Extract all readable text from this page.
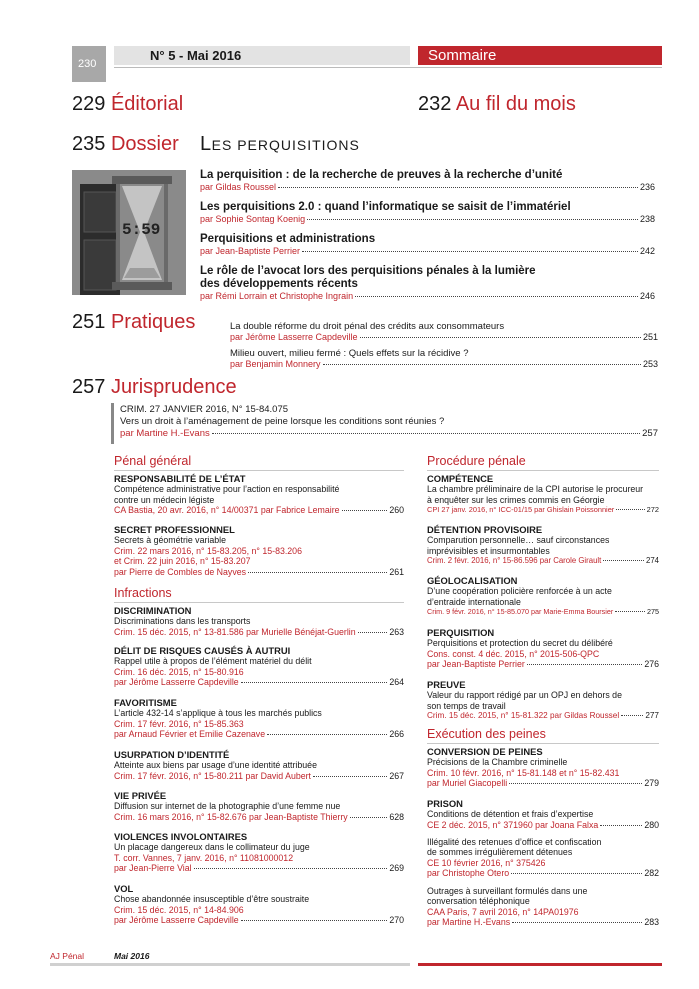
230
N° 5 - Mai 2016	Sommaire
229 Éditorial	232 Au fil du mois
235 Dossier LES PERQUISITIONS
5:59
La perquisition : de la recherche de preuves à la recherche d’unité
par Gildas Roussel	236
Les perquisitions 2.0 : quand l’informatique se saisit de l’immatériel
par Sophie Sontag Koenig	238
Perquisitions et administrations
par Jean-Baptiste Perrier	242
Le rôle de l’avocat lors des perquisitions pénales à la lumière
des développements récents
par Rémi Lorrain et Christophe Ingrain	246
251 Pratiques	La double réforme du droit pénal des crédits aux consommateurs
par Jérôme Lasserre Capdeville	251
Milieu ouvert, milieu fermé : Quels effets sur la récidive ?
par Benjamin Monnery	253
257 Jurisprudence
CRIM. 27 JANVIER 2016, N° 15-84.075
Vers un droit à l’aménagement de peine lorsque les conditions sont réunies ?
par Martine H.-Evans	257
Pénal général
RESPONSABILITÉ DE L’ÉTAT
Compétence administrative pour l’action en responsabilité
contre un médecin légiste
CA Bastia, 20 avr. 2016, n° 14/00371 par Fabrice Lemaire	260
SECRET PROFESSIONNEL
Secrets à géométrie variable
Crim. 22 mars 2016, n° 15-83.205, n° 15-83.206
et Crim. 22 juin 2016, n° 15-83.207
par Pierre de Combles de Nayves	261
Infractions
DISCRIMINATION
Discriminations dans les transports
Crim. 15 déc. 2015, n° 13-81.586 par Murielle Bénéjat-Guerlin	263
DÉLIT DE RISQUES CAUSÉS À AUTRUI
Rappel utile à propos de l’élément matériel du délit
Crim. 16 déc. 2015, n° 15-80.916
par Jérôme Lasserre Capdeville	264
FAVORITISME
L’article 432-14 s’applique à tous les marchés publics
Crim. 17 févr. 2016, n° 15-85.363
par Arnaud Février et Emilie Cazenave	266
USURPATION D’IDENTITÉ
Atteinte aux biens par usage d’une identité attribuée
Crim. 17 févr. 2016, n° 15-80.211 par David Aubert	267
VIE PRIVÉE
Diffusion sur internet de la photographie d’une femme nue
Crim. 16 mars 2016, n° 15-82.676 par Jean-Baptiste Thierry	628
VIOLENCES INVOLONTAIRES
Un placage dangereux dans le collimateur du juge
T. corr. Vannes, 7 janv. 2016, n° 11081000012
par Jean-Pierre Vial	269
VOL
Chose abandonnée insusceptible d’être soustraite
Crim. 15 déc. 2015, n° 14-84.906
par Jérôme Lasserre Capdeville	270
Procédure pénale
COMPÉTENCE
La chambre préliminaire de la CPI autorise le procureur
à enquêter sur les crimes commis en Géorgie
CPI 27 janv. 2016, n° ICC-01/15 par Ghislain Poissonnier	272
DÉTENTION PROVISOIRE
Comparution personnelle… sauf circonstances
imprévisibles et insurmontables
Crim. 2 févr. 2016, n° 15-86.596 par Carole Girault	274
GÉOLOCALISATION
D’une coopération policière renforcée à un acte
d’entraide internationale
Crim. 9 févr. 2016, n° 15-85.070 par Marie-Emma Boursier	275
PERQUISITION
Perquisitions et protection du secret du délibéré
Cons. const. 4 déc. 2015, n° 2015-506-QPC
par Jean-Baptiste Perrier	276
PREUVE
Valeur du rapport rédigé par un OPJ en dehors de
son temps de travail
Crim. 15 déc. 2015, n° 15-81.322 par Gildas Roussel	277
Exécution des peines
CONVERSION DE PEINES
Précisions de la Chambre criminelle
Crim. 10 févr. 2016, n° 15-81.148 et n° 15-82.431
par Muriel Giacopelli	279
PRISON
Conditions de détention et frais d’expertise
CE 2 déc. 2015, n° 371960 par Joana Falxa	280
Illégalité des retenues d’office et confiscation
de sommes irrégulièrement détenues
CE 10 février 2016, n° 375426
par Christophe Otero	282
Outrages à surveillant formulés dans une
conversation téléphonique
CAA Paris, 7 avril 2016, n° 14PA01976
par Martine H.-Evans	283
AJ Pénal	Mai 2016
